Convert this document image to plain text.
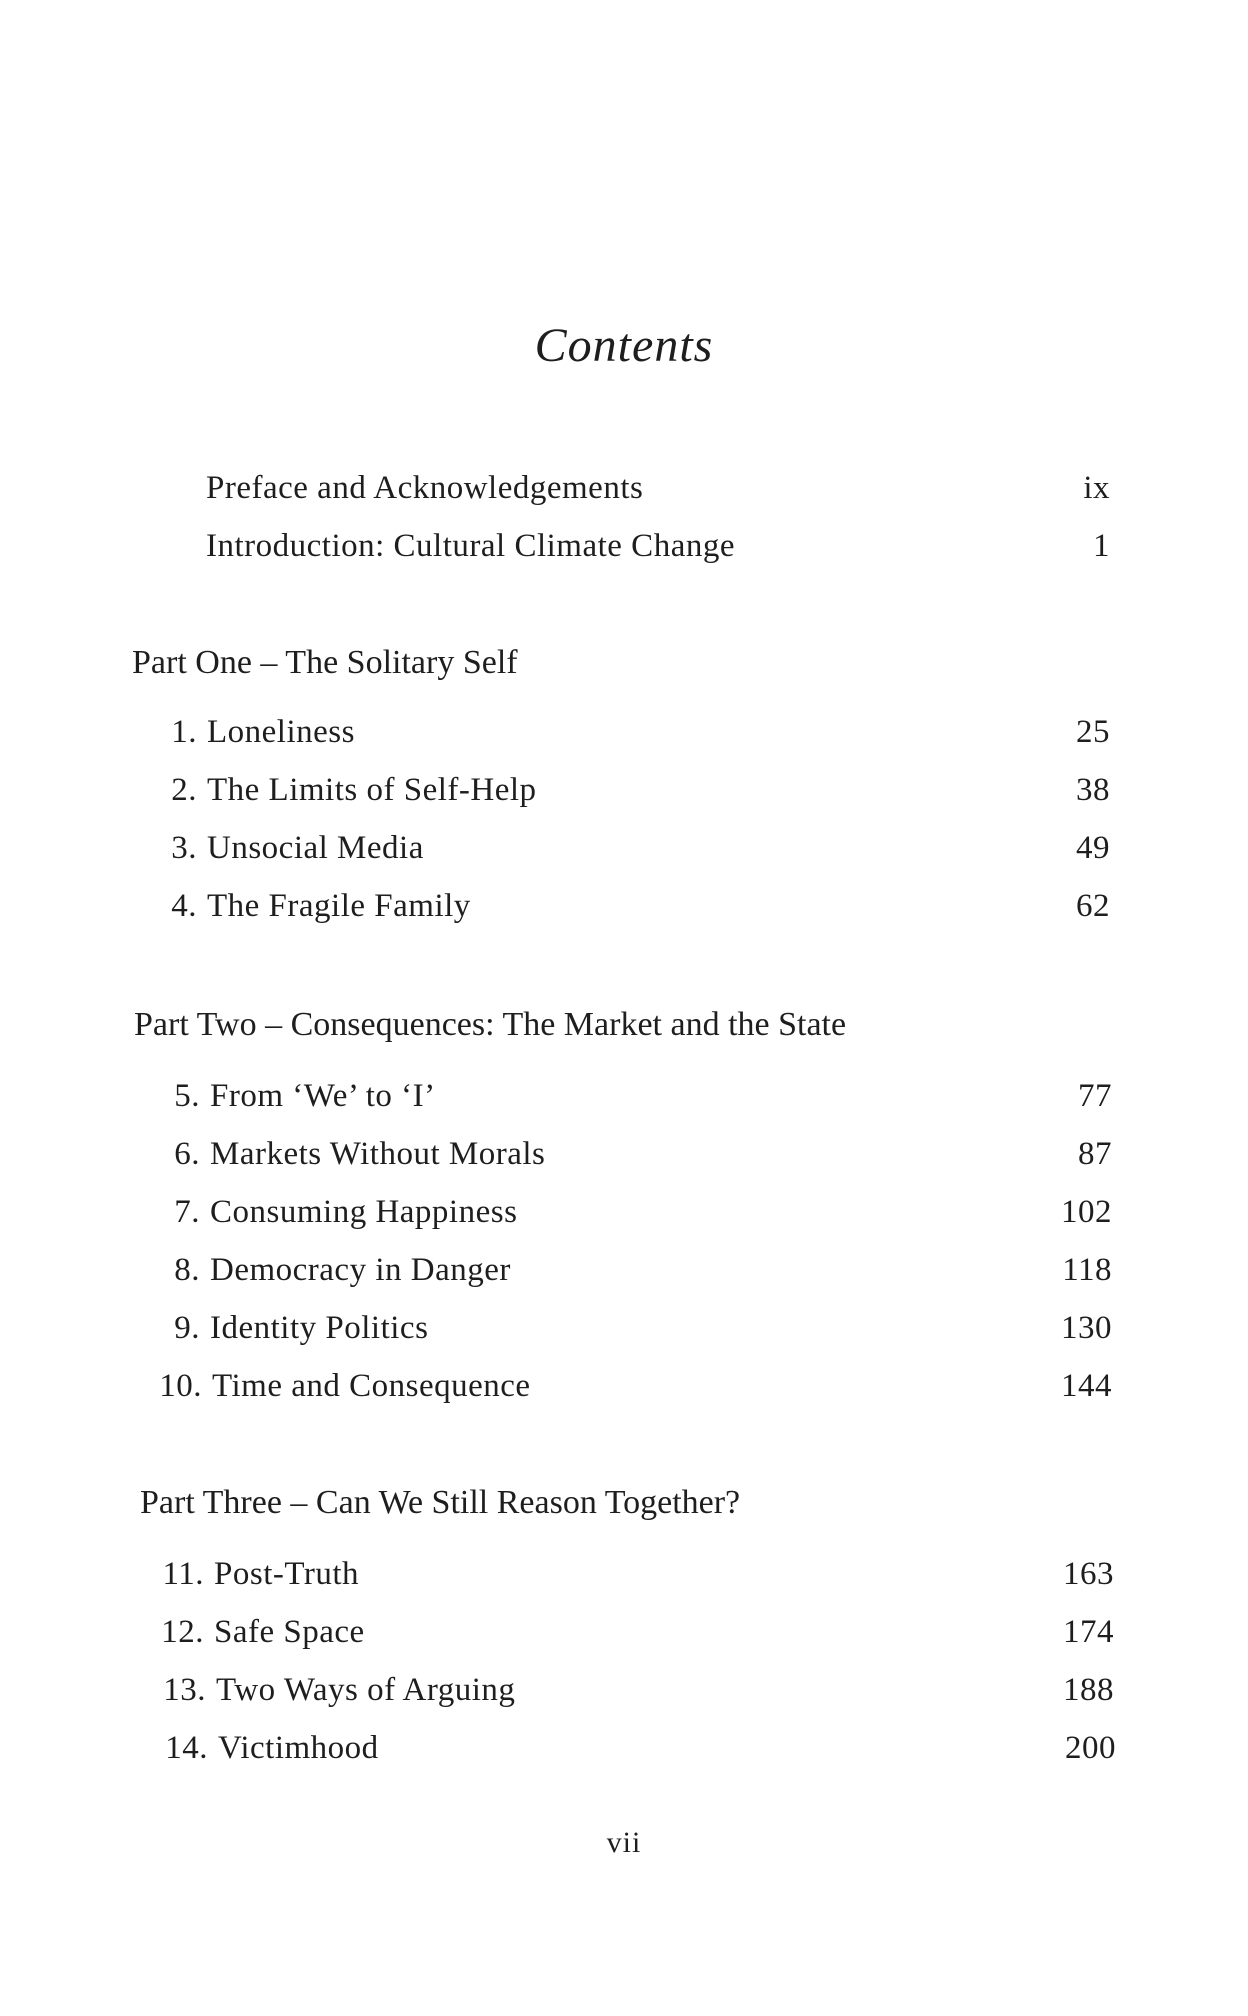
Contents
Preface and Acknowledgements	ix
Introduction: Cultural Climate Change	1
Part One – The Solitary Self
1. Loneliness	25
2. The Limits of Self-Help	38
3. Unsocial Media	49
4. The Fragile Family	62
Part Two – Consequences: The Market and the State
5. From ‘We’ to ‘I’	77
6. Markets Without Morals	87
7. Consuming Happiness	102
8. Democracy in Danger	118
9. Identity Politics	130
10. Time and Consequence	144
Part Three – Can We Still Reason Together?
11. Post-Truth	163
12. Safe Space	174
13. Two Ways of Arguing	188
14. Victimhood	200
vii
